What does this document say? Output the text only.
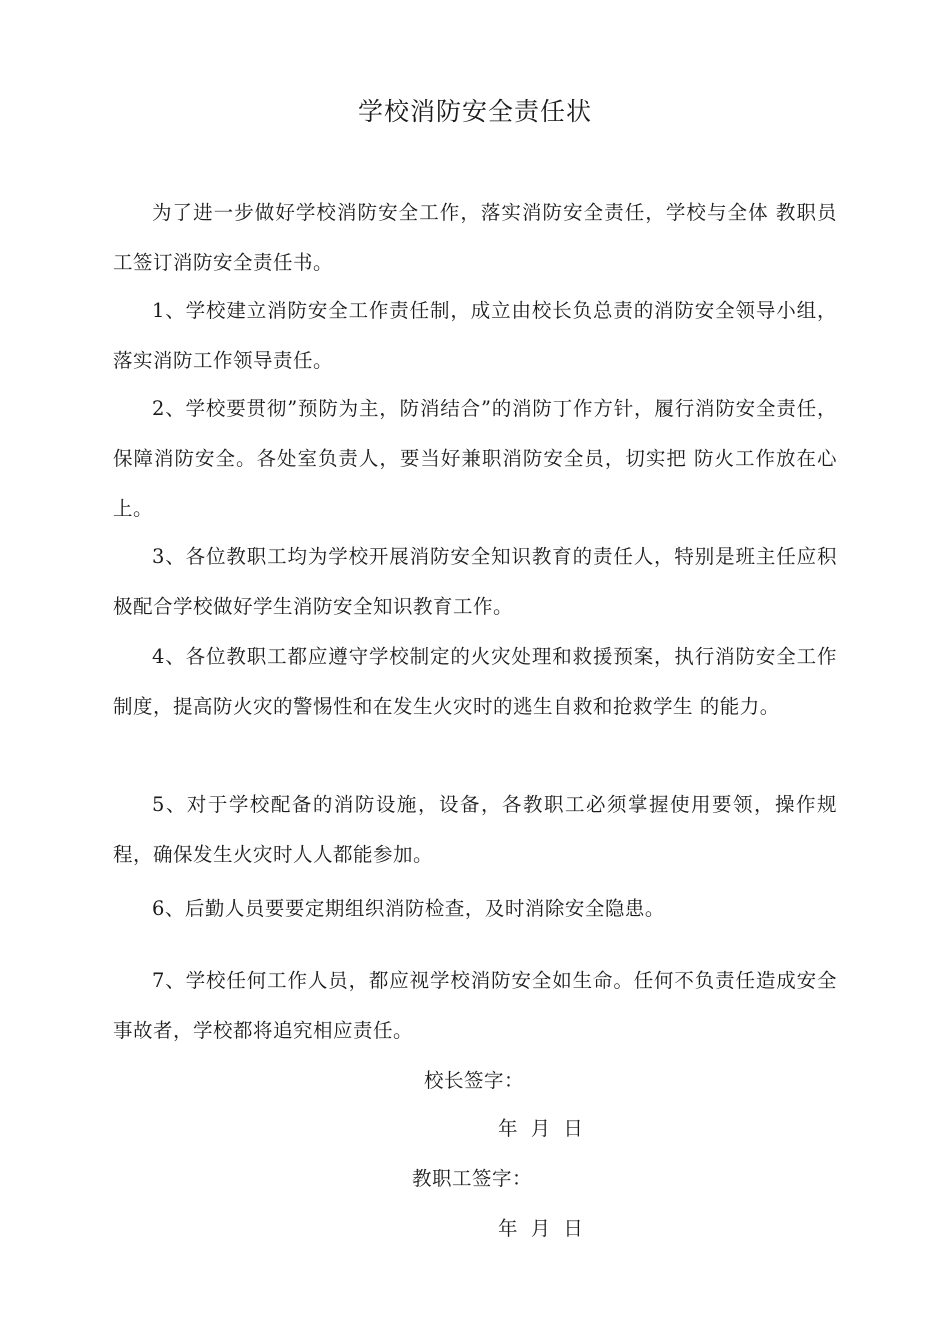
学校消防安全责任状

为了进一步做好学校消防安全工作，落实消防安全责任，学校与全体 教职员工签订消防安全责任书。

1、学校建立消防安全工作责任制，成立由校长负总责的消防安全领导小组，落实消防工作领导责任。

2、学校要贯彻”预防为主，防消结合”的消防丁作方针，履行消防安全责任，保障消防安全。各处室负责人，要当好兼职消防安全员，切实把 防火工作放在心上。

3、各位教职工均为学校开展消防安全知识教育的责任人，特别是班主任应积极配合学校做好学生消防安全知识教育工作。

4、各位教职工都应遵守学校制定的火灾处理和救援预案，执行消防安全工作制度，提高防火灾的警惕性和在发生火灾时的逃生自救和抢救学生 的能力。

5、对于学校配备的消防设施，设备，各教职工必须掌握使用要领，操作规程，确保发生火灾时人人都能参加。

6、后勤人员要要定期组织消防检查，及时消除安全隐患。

7、学校任何工作人员，都应视学校消防安全如生命。任何不负责任造成安全事故者，学校都将追究相应责任。

校长签字：

年 月 日

教职工签字：

年 月 日
